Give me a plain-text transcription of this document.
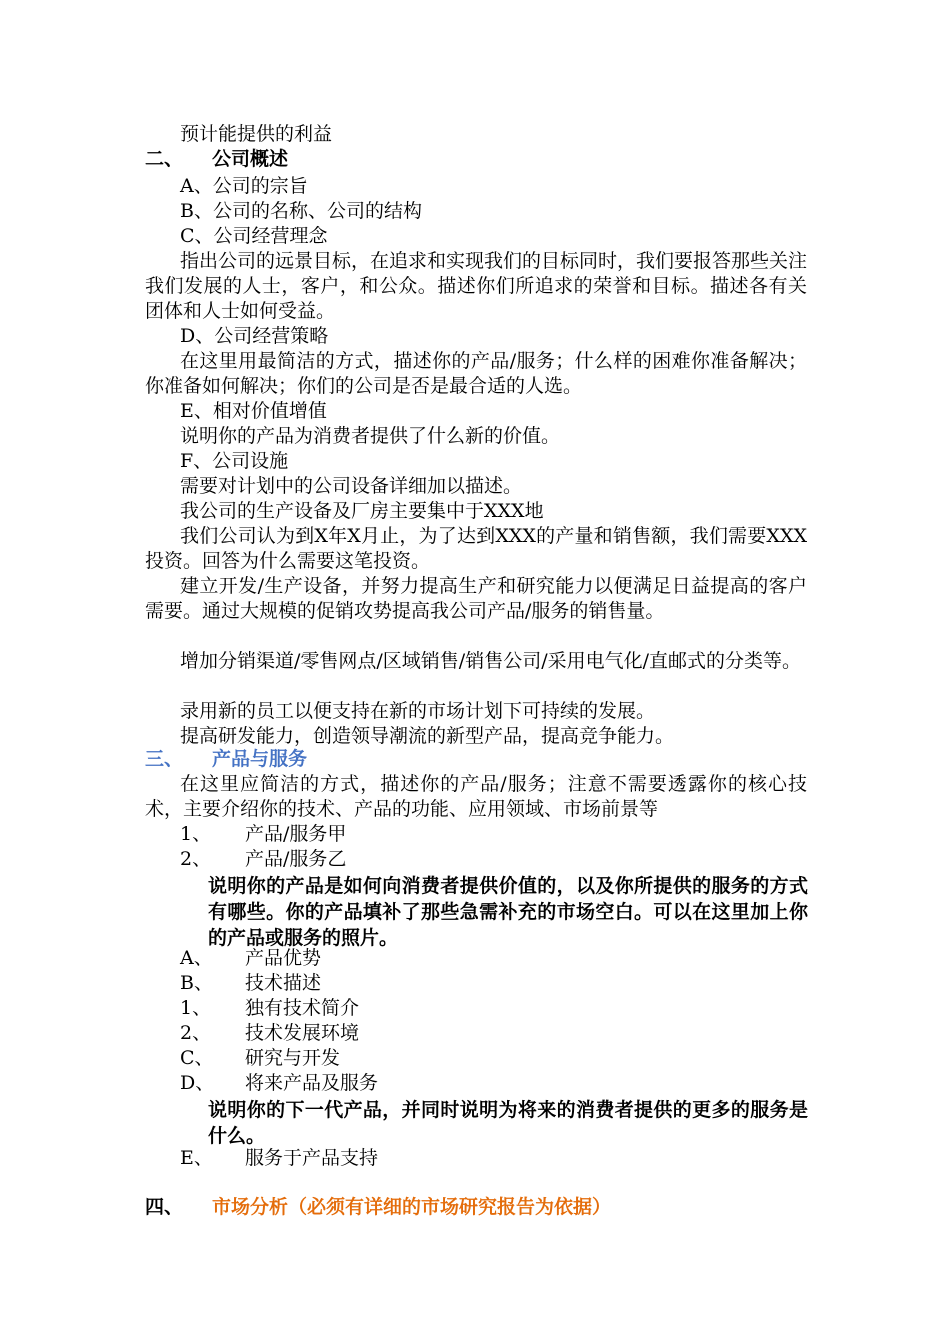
预计能提供的利益
二、 公司概述
A、公司的宗旨
B、公司的名称、公司的结构
C、公司经营理念
指出公司的远景目标，在追求和实现我们的目标同时，我们要报答那些关注我们发展的人士，客户，和公众。描述你们所追求的荣誉和目标。描述各有关团体和人士如何受益。
D、公司经营策略
在这里用最简洁的方式，描述你的产品/服务；什么样的困难你准备解决；你准备如何解决；你们的公司是否是最合适的人选。
E、相对价值增值
说明你的产品为消费者提供了什么新的价值。
F、公司设施
需要对计划中的公司设备详细加以描述。
我公司的生产设备及厂房主要集中于XXX地
我们公司认为到X年X月止，为了达到XXX的产量和销售额，我们需要XXX投资。回答为什么需要这笔投资。
建立开发/生产设备，并努力提高生产和研究能力以便满足日益提高的客户需要。通过大规模的促销攻势提高我公司产品/服务的销售量。
增加分销渠道/零售网点/区域销售/销售公司/采用电气化/直邮式的分类等。
录用新的员工以便支持在新的市场计划下可持续的发展。
提高研发能力，创造领导潮流的新型产品，提高竞争能力。
三、 产品与服务
在这里应简洁的方式，描述你的产品/服务；注意不需要透露你的核心技术，主要介绍你的技术、产品的功能、应用领域、市场前景等
1、 产品/服务甲
2、 产品/服务乙
说明你的产品是如何向消费者提供价值的，以及你所提供的服务的方式有哪些。你的产品填补了那些急需补充的市场空白。可以在这里加上你的产品或服务的照片。
A、 产品优势
B、 技术描述
1、 独有技术简介
2、 技术发展环境
C、 研究与开发
D、 将来产品及服务
说明你的下一代产品，并同时说明为将来的消费者提供的更多的服务是什么。
E、 服务于产品支持
四、 市场分析（必须有详细的市场研究报告为依据）
